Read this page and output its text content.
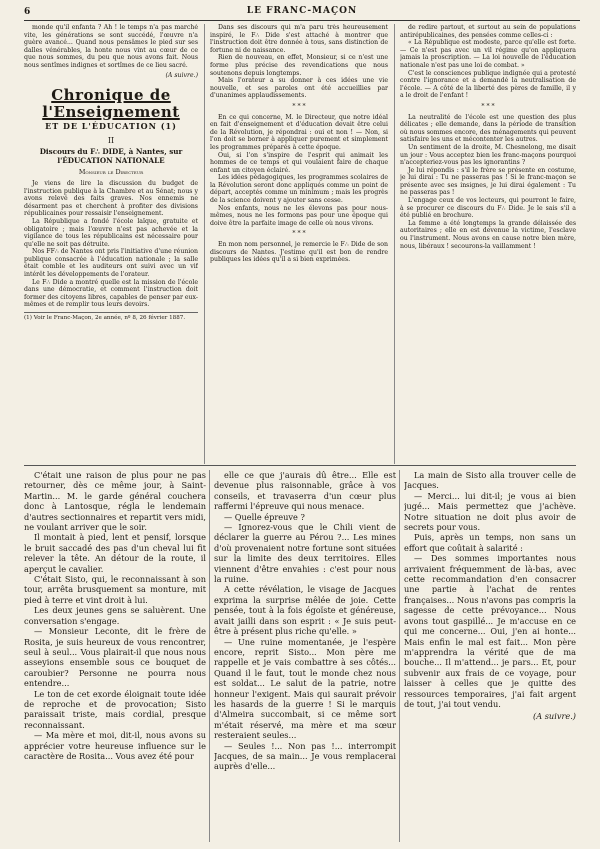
6	LE FRANC-MAÇON

monde qu'il enfanta ? Ah ! le temps n'a pas marché vite, les générations se sont succédé, l'œuvre n'a guère avancé... Quand nous pensâmes le pied sur ses dalles vénérables, la honte nous vint au cœur de ce que nous sommes, du peu que nous avons fait. Nous nous sentîmes indignes et sortîmes de ce lieu sacré.

(A suivre.)

Chronique de l'Enseignement
ET DE L'ÉDUCATION (1)
II
Discours du F∴ DIDE, à Nantes, sur l'ÉDUCATION NATIONALE
Monsieur le Directeur

Je viens de lire la discussion du budget de l'instruction publique à la Chambre et au Sénat; nous y avons relevé des faits graves. Nos ennemis ne désarment pas et cherchent à profiter des divisions républicaines pour ressaisir l'enseignement.

La République a fondé l'école laïque, gratuite et obligatoire ; mais l'œuvre n'est pas achevée et la vigilance de tous les républicains est nécessaire pour qu'elle ne soit pas détruite.

Nos FF∴ de Nantes ont pris l'initiative d'une réunion publique consacrée à l'éducation nationale ; la salle était comble et les auditeurs ont suivi avec un vif intérêt les développements de l'orateur.

Le F∴ Dide a montré quelle est la mission de l'école dans une démocratie, et comment l'instruction doit former des citoyens libres, capables de penser par eux-mêmes et de remplir tous leurs devoirs.

(1) Voir le Franc-Maçon, 2e année, nº 8, 26 février 1887.

Dans ses discours qui m'a paru très heureusement inspiré, le F∴ Dide s'est attaché à montrer que l'instruction doit être donnée à tous, sans distinction de fortune ni de naissance.

Rien de nouveau, en effet, Monsieur, si ce n'est une forme plus précise des revendications que nous soutenons depuis longtemps.

Mais l'orateur a su donner à ces idées une vie nouvelle, et ses paroles ont été accueillies par d'unanimes applaudissements.

* * *

En ce qui concerne, M. le Directeur, que notre idéal en fait d'enseignement et d'éducation devait être celui de la Révolution, je répondrai : oui et non ! — Non, si l'on doit se borner à appliquer purement et simplement les programmes préparés à cette époque.

Oui, si l'on s'inspire de l'esprit qui animait les hommes de ce temps et qui voulaient faire de chaque enfant un citoyen éclairé.

Les idées pédagogiques, les programmes scolaires de la Révolution seront donc appliqués comme un point de départ, acceptés comme un minimum ; mais les progrès de la science doivent y ajouter sans cesse.

Nos enfants, nous ne les élevons pas pour nous-mêmes, nous ne les formons pas pour une époque qui doive être la parfaite image de celle où nous vivons.

* * *

En mon nom personnel, je remercie le F∴ Dide de son discours de Nantes. J'estime qu'il est bon de rendre publiques les idées qu'il a si bien exprimées.

de redire partout, et surtout au sein de populations antirépublicaines, des pensées comme celles-ci :

« La République est modeste, parce qu'elle est forte. — Ce n'est pas avec un vil régime qu'on appliquera jamais la proscription. — La loi nouvelle de l'éducation nationale n'est pas une loi de combat. »

C'est le consciences publique indignée qui a protesté contre l'ignorance et a demandé la neutralisation de l'école. — A côté de la liberté des pères de famille, il y a le droit de l'enfant !

* * *

La neutralité de l'école est une question des plus délicates ; elle demande, dans la période de transition où nous sommes encore, des ménagements qui peuvent satisfaire les uns et mécontenter les autres.

Un sentiment de la droite, M. Chesnelong, me disait un jour : Vous acceptez bien les franc-maçons pourquoi n'accepteriez-vous pas les ignorantins ?

Je lui répondis : s'il le frère se présente en costume, je lui dirai : Tu ne passeras pas ! Si le franc-maçon se présente avec ses insignes, je lui dirai également : Tu ne passeras pas !

L'engage ceux de vos lecteurs, qui pourront le faire, à se procurer ce discours du F∴ Dide. Je le sais s'il a été publié en brochure.

La femme a été longtemps la grande délaissée des autoritaires ; elle en est devenue la victime, l'esclave ou l'instrument. Nous avons en cause notre bien mère, nous, libéraux ! secourons-la vaillamment !

C'était une raison de plus pour ne pas retourner, dès ce même jour, à Saint-Martin... M. le garde général couchera donc à Lantosque, régla le lendemain d'autres sectionnaires et repartit vers midi, ne voulant arriver que le soir.

Il montait à pied, lent et pensif, lorsque le bruit saccadé des pas d'un cheval lui fit relever la tête. An détour de la route, il aperçut le cavalier.

C'était Sisto, qui, le reconnaissant à son tour, arrêta brusquement sa monture, mit pied à terre et vint droit à lui.

Les deux jeunes gens se saluèrent. Une conversation s'engage.

— Monsieur Leconte, dit le frère de Rosita, je suis heureux de vous rencontrer, seul à seul... Vous plairait-il que nous nous asseyions ensemble sous ce bouquet de caroubier? Personne ne pourra nous entendre...

Le ton de cet exorde éloignait toute idée de reproche et de provocation; Sisto paraissait triste, mais cordial, presque reconnaissant.

— Ma mère et moi, dit-il, nous avons su apprécier votre heureuse influence sur le caractère de Rosita... Vous avez été pour

elle ce que j'aurais dû être... Elle est devenue plus raisonnable, grâce à vos conseils, et travaserra d'un cœur plus raffermi l'épreuve qui nous menace.

— Quelle épreuve ?

— Ignorez-vous que le Chili vient de déclarer la guerre au Pérou ?... Les mines d'où provenaient notre fortune sont situées sur la limite des deux territoires. Elles viennent d'être envahies : c'est pour nous la ruine.

A cette révélation, le visage de Jacques exprima la surprise mêlée de joie. Cette pensée, tout à la fois égoïste et généreuse, avait jailli dans son esprit : « Je suis peut-être à présent plus riche qu'elle. »

— Une ruine momentanée, je l'espère encore, reprit Sisto... Mon père me rappelle et je vais combattre à ses côtés... Quand il le faut, tout le monde chez nous est soldat... Le salut de la patrie, notre honneur l'exigent. Mais qui saurait prévoir les hasards de la guerre ! Si le marquis d'Almeira succombait, si ce même sort m'était réservé, ma mère et ma sœur resteraient seules...

— Seules !... Non pas !... interrompit Jacques, de sa main... Je vous remplacerai auprès d'elle...

La main de Sisto alla trouver celle de Jacques.

— Merci... lui dit-il; je vous ai bien jugé... Mais permettez que j'achève. Notre situation ne doit plus avoir de secrets pour vous.

Puis, après un temps, non sans un effort que coûtait à salarité :

— Des sommes importantes nous arrivaient fréquemment de là-bas, avec cette recommandation d'en consacrer une partie à l'achat de rentes françaises... Nous n'avons pas compris la sagesse de cette prévoyance... Nous avons tout gaspillé... Je m'accuse en ce qui me concerne... Oui, j'en ai honte... Mais enfin le mal est fait... Mon père m'apprendra la vérité que de ma bouche... Il m'attend... je pars... Et, pour subvenir aux frais de ce voyage, pour laisser à celles que je quitte des ressources temporaires, j'ai fait argent de tout, j'ai tout vendu.

(A suivre.)
